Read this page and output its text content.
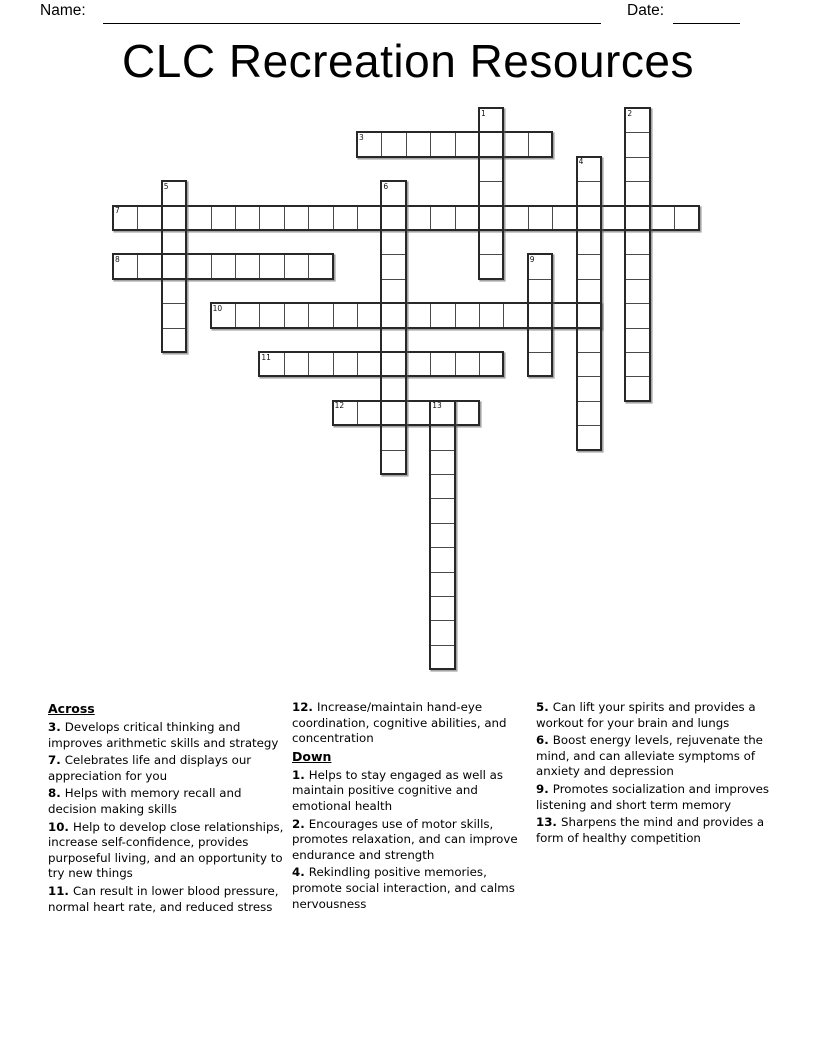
Name:	Date:
CLC Recreation Resources
3
7
8
10
11
12
1	2
4
5	6
9
13
Across
3. Develops critical thinking and improves arithmetic skills and strategy
7. Celebrates life and displays our appreciation for you
8. Helps with memory recall and decision making skills
10. Help to develop close relationships, increase self-confidence, provides purposeful living, and an opportunity to try new things
11. Can result in lower blood pressure, normal heart rate, and reduced stress
12. Increase/maintain hand-eye coordination, cognitive abilities, and concentration
Down
1. Helps to stay engaged as well as maintain positive cognitive and emotional health
2. Encourages use of motor skills, promotes relaxation, and can improve endurance and strength
4. Rekindling positive memories, promote social interaction, and calms nervousness
5. Can lift your spirits and provides a workout for your brain and lungs
6. Boost energy levels, rejuvenate the mind, and can alleviate symptoms of anxiety and depression
9. Promotes socialization and improves listening and short term memory
13. Sharpens the mind and provides a form of healthy competition
